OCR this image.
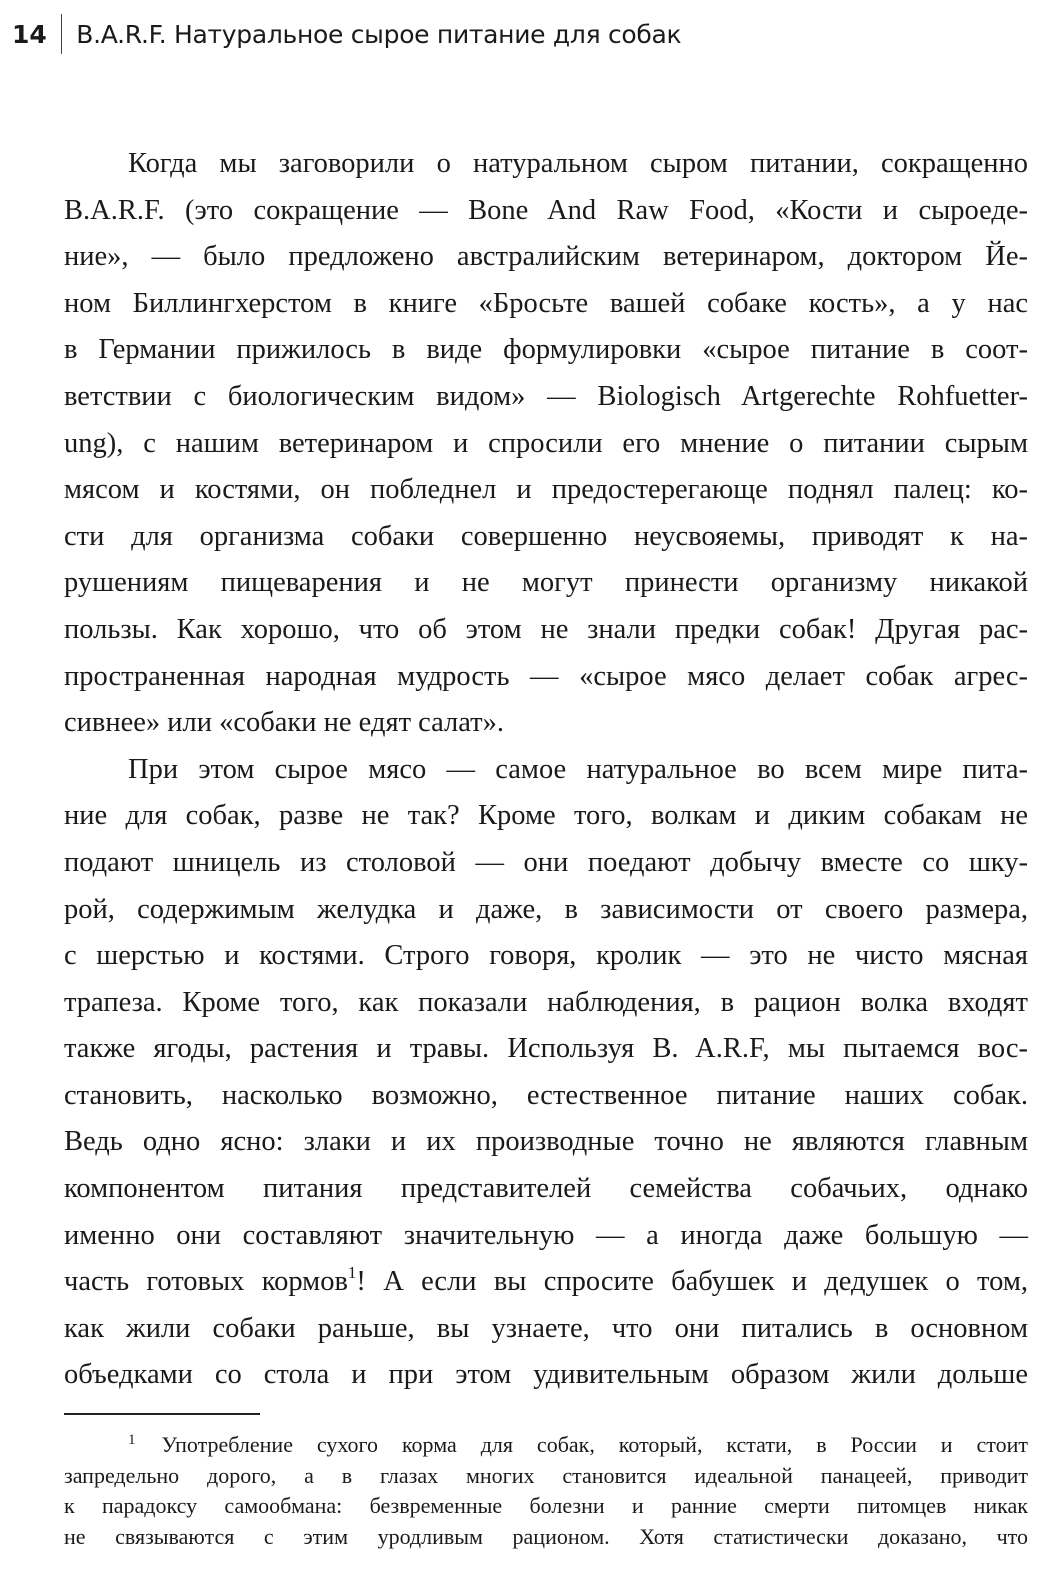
14 B.A.R.F. Натуральное сырое питание для собак
Когда мы заговорили о натуральном сыром питании, сокращенно
B.A.R.F. (это сокращение — Bone And Raw Food, «Кости и сыроеде-
ние», — было предложено австралийским ветеринаром, доктором Йе-
ном Биллингхерстом в книге «Бросьте вашей собаке кость», а у нас
в Германии прижилось в виде формулировки «сырое питание в соот-
ветствии с биологическим видом» — Biologisch Artgerechte Rohfuetter-
ung), с нашим ветеринаром и спросили его мнение о питании сырым
мясом и костями, он побледнел и предостерегающе поднял палец: ко-
сти для организма собаки совершенно неусвояемы, приводят к на-
рушениям пищеварения и не могут принести организму никакой
пользы. Как хорошо, что об этом не знали предки собак! Другая рас-
пространенная народная мудрость — «сырое мясо делает собак агрес-
сивнее» или «собаки не едят салат».
При этом сырое мясо — самое натуральное во всем мире пита-
ние для собак, разве не так? Кроме того, волкам и диким собакам не
подают шницель из столовой — они поедают добычу вместе со шку-
рой, содержимым желудка и даже, в зависимости от своего размера,
с шерстью и костями. Строго говоря, кролик — это не чисто мясная
трапеза. Кроме того, как показали наблюдения, в рацион волка входят
также ягоды, растения и травы. Используя B. A.R.F, мы пытаемся вос-
становить, насколько возможно, естественное питание наших собак.
Ведь одно ясно: злаки и их производные точно не являются главным
компонентом питания представителей семейства собачьих, однако
именно они составляют значительную — а иногда даже большую —
часть готовых кормов$^1$! А если вы спросите бабушек и дедушек о том,
как жили собаки раньше, вы узнаете, что они питались в основном
объедками со стола и при этом удивительным образом жили дольше
$^1$ Употребление сухого корма для собак, который, кстати, в России и стоит
запредельно дорого, а в глазах многих становится идеальной панацеей, приводит
к парадоксу самообмана: безвременные болезни и ранние смерти питомцев никак
не связываются с этим уродливым рационом. Хотя статистически доказано, что
